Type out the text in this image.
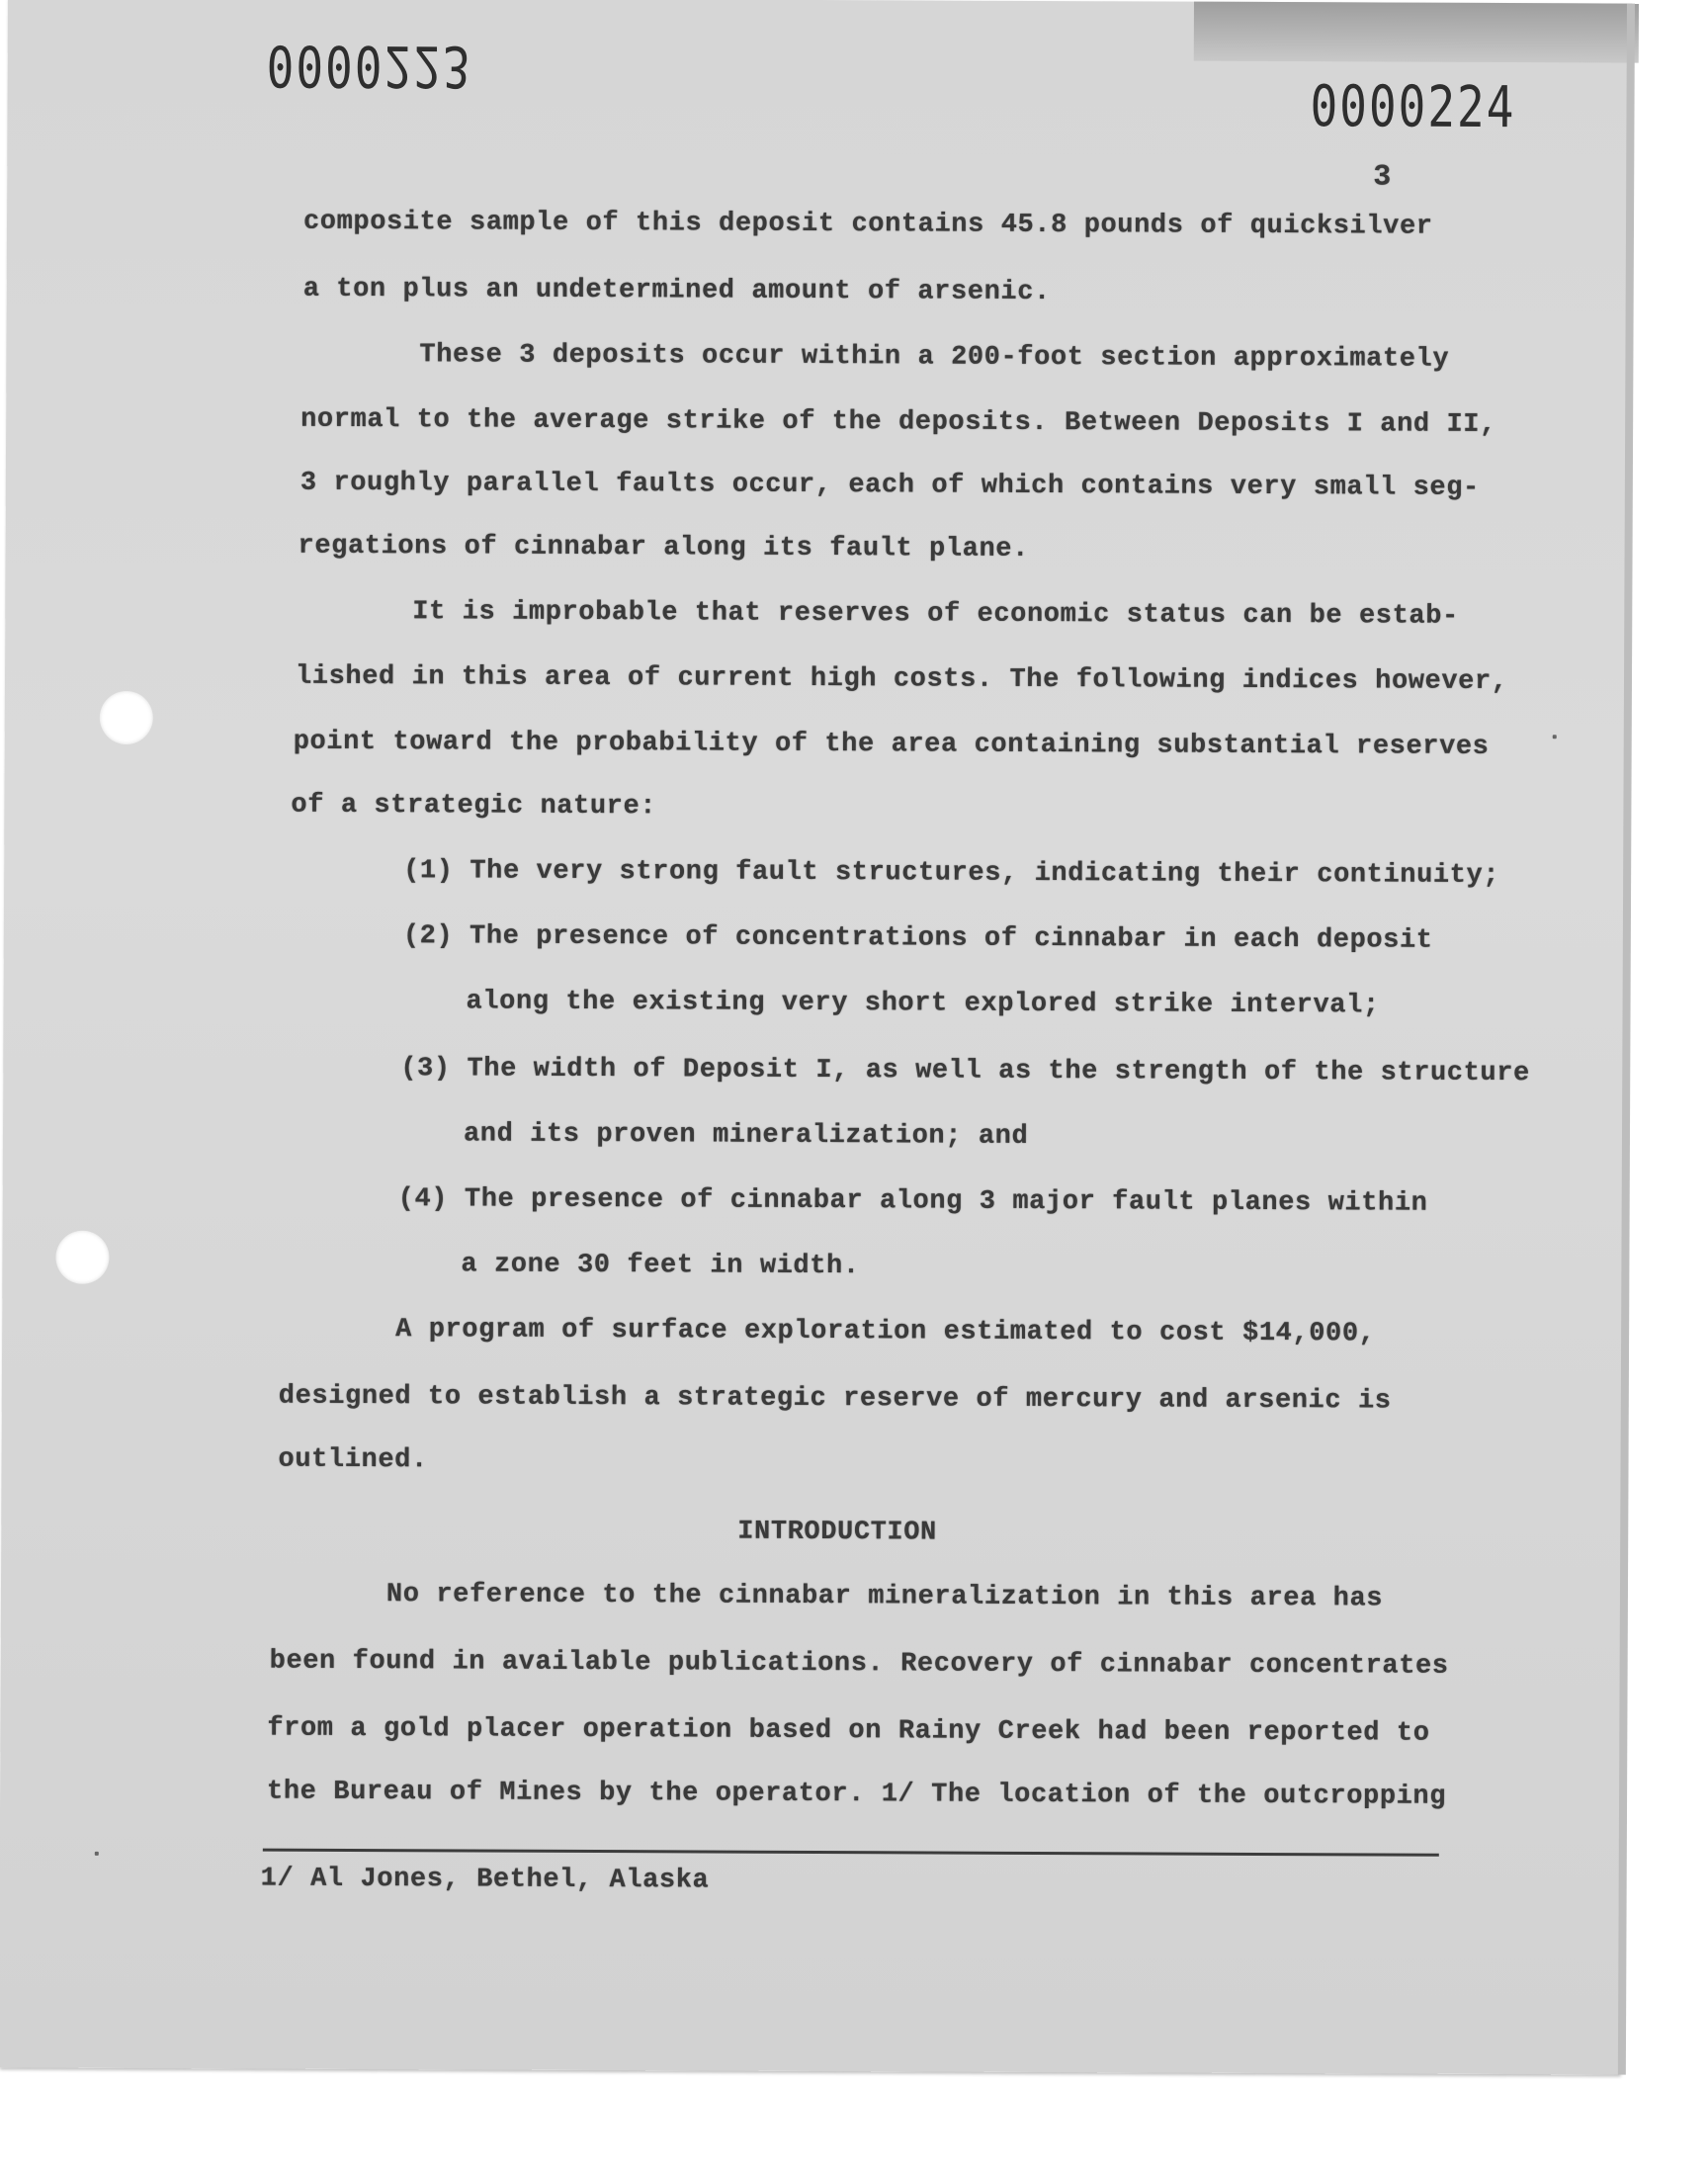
0000223
0000224
3
composite sample of this deposit contains 45.8 pounds of quicksilver
a ton plus an undetermined amount of arsenic.
These 3 deposits occur within a 200-foot section approximately
normal to the average strike of the deposits. Between Deposits I and II,
3 roughly parallel faults occur, each of which contains very small seg-
regations of cinnabar along its fault plane.
It is improbable that reserves of economic status can be estab-
lished in this area of current high costs. The following indices however,
point toward the probability of the area containing substantial reserves
of a strategic nature:
(1) The very strong fault structures, indicating their continuity;
(2) The presence of concentrations of cinnabar in each deposit
along the existing very short explored strike interval;
(3) The width of Deposit I, as well as the strength of the structure
and its proven mineralization; and
(4) The presence of cinnabar along 3 major fault planes within
a zone 30 feet in width.
A program of surface exploration estimated to cost $14,000,
designed to establish a strategic reserve of mercury and arsenic is
outlined.
INTRODUCTION
No reference to the cinnabar mineralization in this area has
been found in available publications. Recovery of cinnabar concentrates
from a gold placer operation based on Rainy Creek had been reported to
the Bureau of Mines by the operator. 1/ The location of the outcropping
1/ Al Jones, Bethel, Alaska
